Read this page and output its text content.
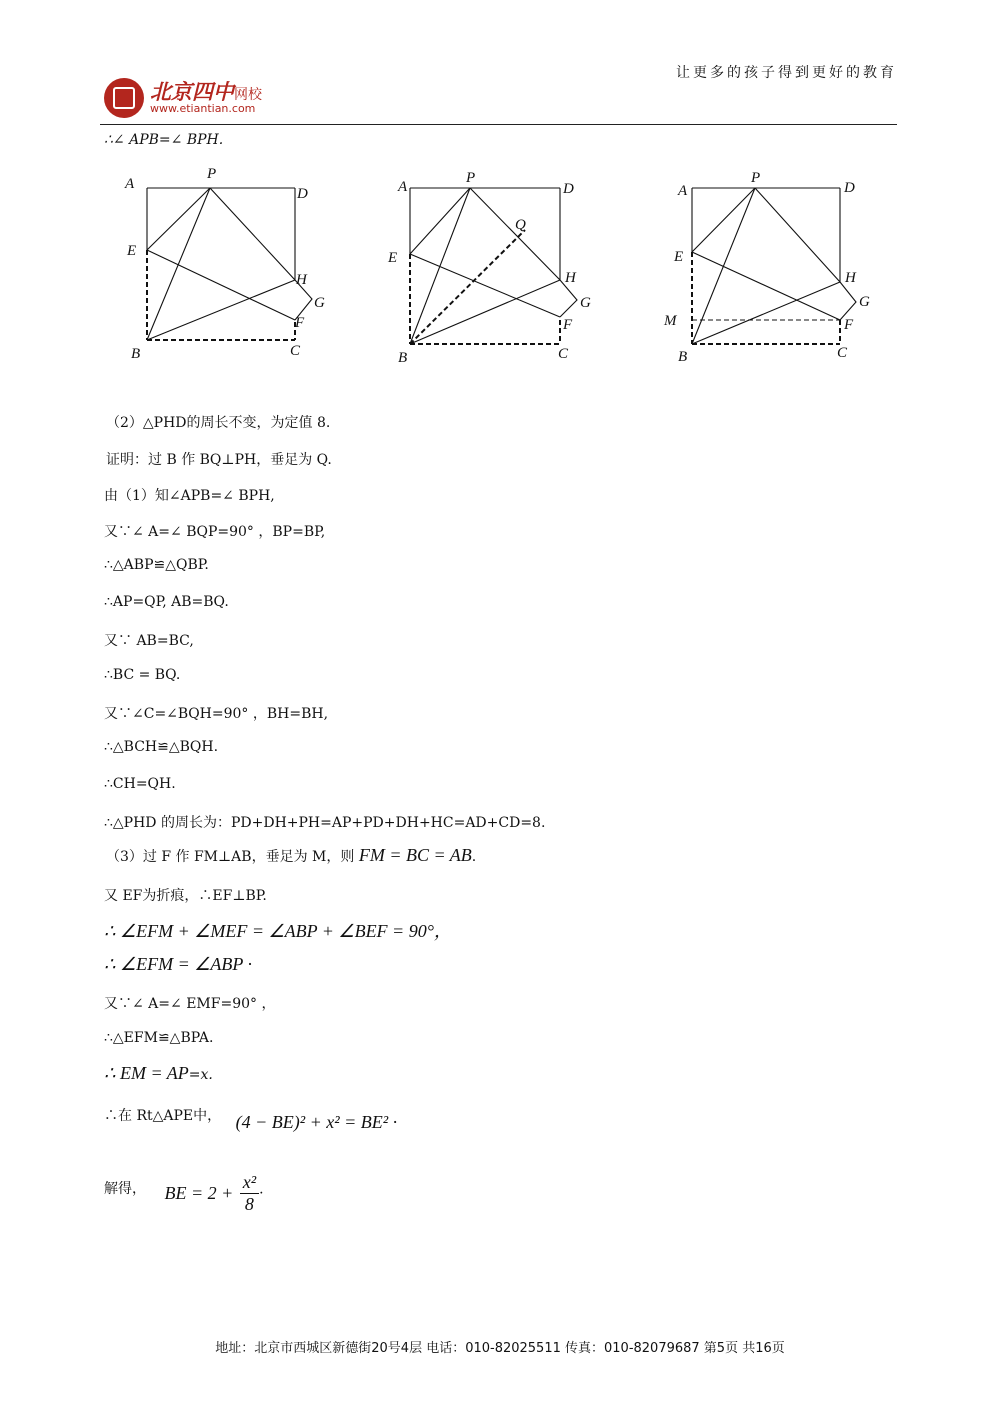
北京四中网校
www.etiantian.com
让更多的孩子得到更好的教育
∴∠ APB=∠ BPH.
A
P
D
E
H
G
F
B	C
A
P
D
Q
E
H
G
F
B	C
A
P
D
E
H
G
M	F
B	C
（2）△PHD的周长不变，为定值 8.
证明：过 B 作 BQ⊥PH，垂足为 Q.
由（1）知∠APB=∠ BPH,
又∵∠ A=∠ BQP=90° ，BP=BP,
∴△ABP≌△QBP.
∴AP=QP, AB=BQ.
又∵ AB=BC,
∴BC = BQ.
又∵∠C=∠BQH=90° ，BH=BH,
∴△BCH≌△BQH.
∴CH=QH.
∴△PHD 的周长为：PD+DH+PH=AP+PD+DH+HC=AD+CD=8.
（3）过 F 作 FM⊥AB，垂足为 M，则 FM = BC = AB.
又 EF为折痕，∴EF⊥BP.
∴ ∠EFM + ∠MEF = ∠ABP + ∠BEF = 90°，
∴ ∠EFM = ∠ABP ·
又∵∠ A=∠ EMF=90° ，
∴△EFM≌△BPA.
∴ EM = AP=x.
∴在 Rt△APE中， (4 − BE)² + x² = BE² ·
解得， BE = $2 + \frac{\text{x²}}{8}$ ·
地址：北京市西城区新德街20号4层 电话：010-82025511 传真：010-82079687 第5页 共16页
